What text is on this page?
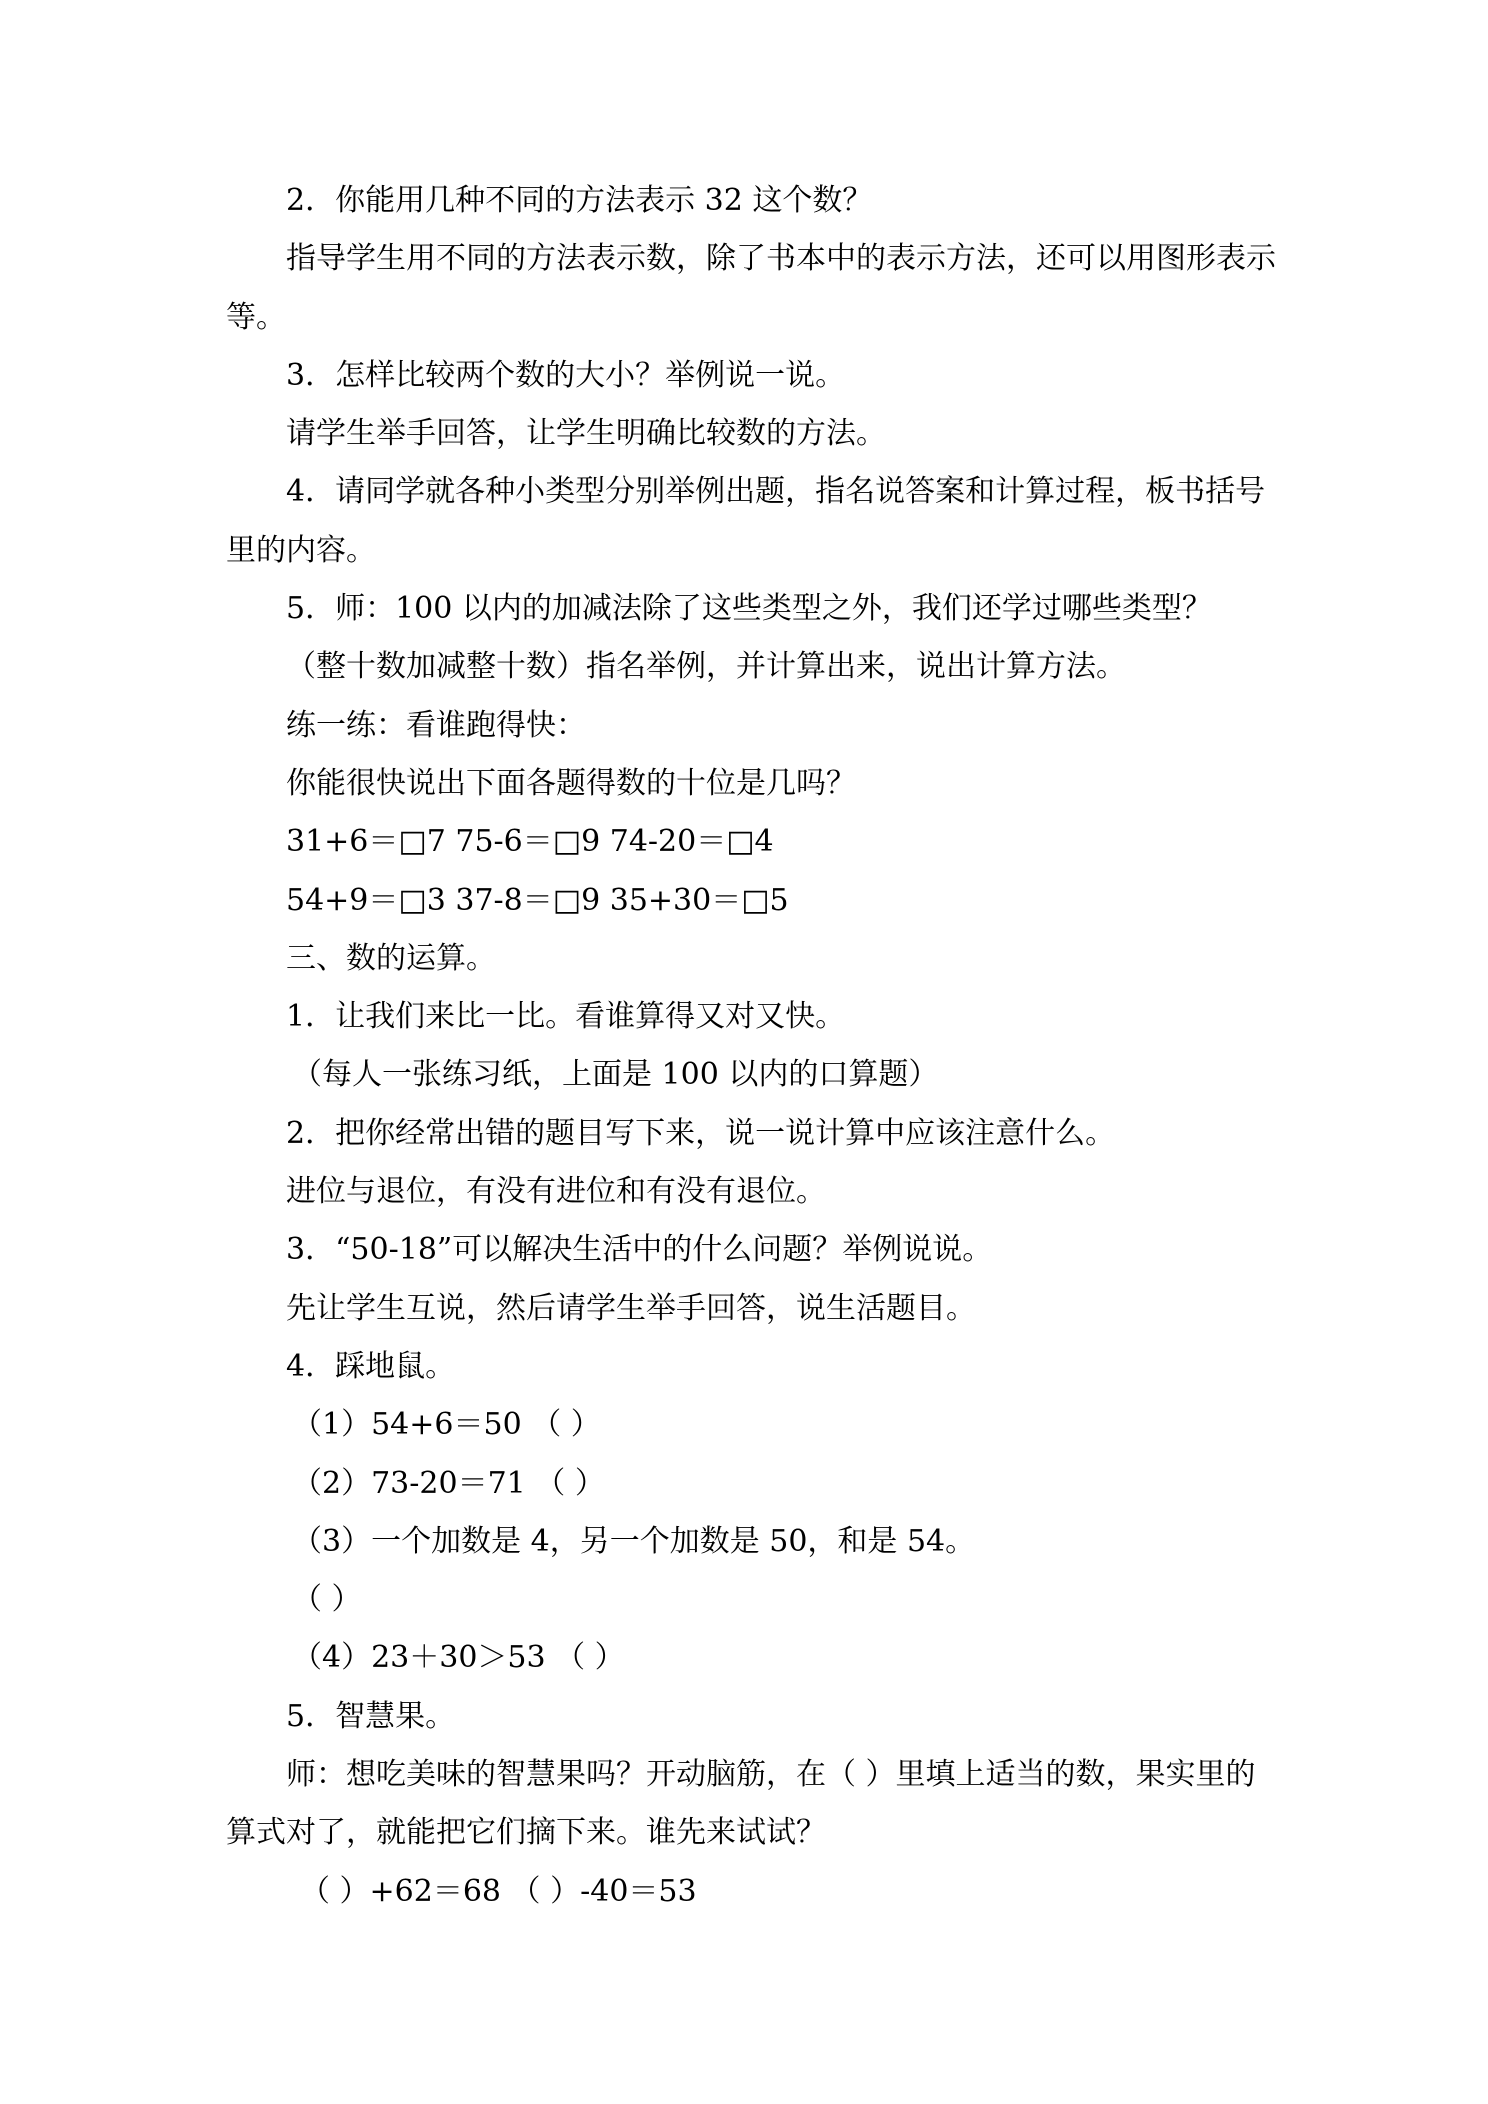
2．你能用几种不同的方法表示 32 这个数？
指导学生用不同的方法表示数，除了书本中的表示方法，还可以用图形表示
等。
3．怎样比较两个数的大小？举例说一说。
请学生举手回答，让学生明确比较数的方法。
4．请同学就各种小类型分别举例出题，指名说答案和计算过程，板书括号
里的内容。
5．师：100 以内的加减法除了这些类型之外，我们还学过哪些类型？
（整十数加减整十数）指名举例，并计算出来，说出计算方法。
练一练：看谁跑得快：
你能很快说出下面各题得数的十位是几吗？
31+6＝□7 75-6＝□9 74-20＝□4
54+9＝□3 37-8＝□9 35+30＝□5
三、数的运算。
1．让我们来比一比。看谁算得又对又快。
（每人一张练习纸，上面是 100 以内的口算题）
2．把你经常出错的题目写下来，说一说计算中应该注意什么。
进位与退位，有没有进位和有没有退位。
3．“50-18”可以解决生活中的什么问题？举例说说。
先让学生互说，然后请学生举手回答，说生活题目。
4．踩地鼠。
（1）54+6＝50 （ ）
（2）73-20＝71 （ ）
（3）一个加数是 4，另一个加数是 50，和是 54。
（ ）
（4）23＋30＞53 （ ）
5．智慧果。
师：想吃美味的智慧果吗？开动脑筋，在（ ）里填上适当的数，果实里的
算式对了，就能把它们摘下来。谁先来试试？
（ ）+62＝68 （ ）-40＝53
